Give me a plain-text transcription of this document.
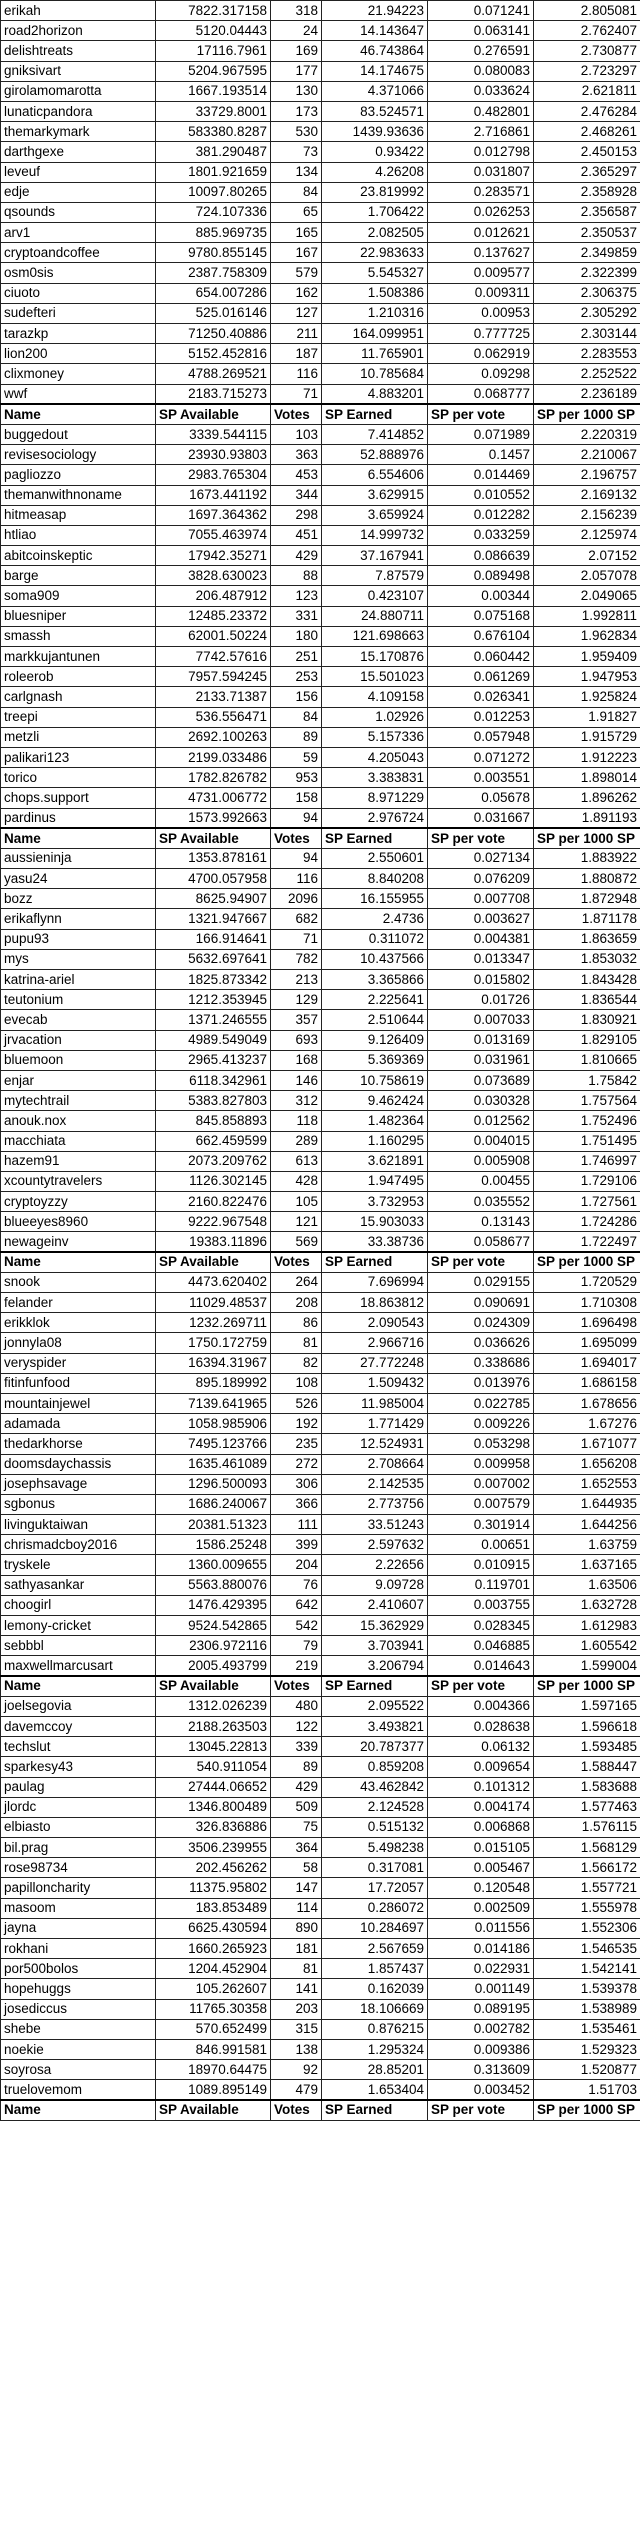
erikah	7822.317158	318	21.94223	0.071241	2.805081
road2horizon	5120.04443	24	14.143647	0.063141	2.762407
delishtreats	17116.7961	169	46.743864	0.276591	2.730877
gniksivart	5204.967595	177	14.174675	0.080083	2.723297
girolamomarotta	1667.193514	130	4.371066	0.033624	2.621811
lunaticpandora	33729.8001	173	83.524571	0.482801	2.476284
themarkymark	583380.8287	530	1439.93636	2.716861	2.468261
darthgexe	381.290487	73	0.93422	0.012798	2.450153
leveuf	1801.921659	134	4.26208	0.031807	2.365297
edje	10097.80265	84	23.819992	0.283571	2.358928
qsounds	724.107336	65	1.706422	0.026253	2.356587
arv1	885.969735	165	2.082505	0.012621	2.350537
cryptoandcoffee	9780.855145	167	22.983633	0.137627	2.349859
osm0sis	2387.758309	579	5.545327	0.009577	2.322399
ciuoto	654.007286	162	1.508386	0.009311	2.306375
sudefteri	525.016146	127	1.210316	0.00953	2.305292
tarazkp	71250.40886	211	164.099951	0.777725	2.303144
lion200	5152.452816	187	11.765901	0.062919	2.283553
clixmoney	4788.269521	116	10.785684	0.09298	2.252522
wwf	2183.715273	71	4.883201	0.068777	2.236189
Name	SP Available	Votes	SP Earned	SP per vote	SP per 1000 SP
buggedout	3339.544115	103	7.414852	0.071989	2.220319
revisesociology	23930.93803	363	52.888976	0.1457	2.210067
pagliozzo	2983.765304	453	6.554606	0.014469	2.196757
themanwithnoname	1673.441192	344	3.629915	0.010552	2.169132
hitmeasap	1697.364362	298	3.659924	0.012282	2.156239
htliao	7055.463974	451	14.999732	0.033259	2.125974
abitcoinskeptic	17942.35271	429	37.167941	0.086639	2.07152
barge	3828.630023	88	7.87579	0.089498	2.057078
soma909	206.487912	123	0.423107	0.00344	2.049065
bluesniper	12485.23372	331	24.880711	0.075168	1.992811
smassh	62001.50224	180	121.698663	0.676104	1.962834
markkujantunen	7742.57616	251	15.170876	0.060442	1.959409
roleerob	7957.594245	253	15.501023	0.061269	1.947953
carlgnash	2133.71387	156	4.109158	0.026341	1.925824
treepi	536.556471	84	1.02926	0.012253	1.91827
metzli	2692.100263	89	5.157336	0.057948	1.915729
palikari123	2199.033486	59	4.205043	0.071272	1.912223
torico	1782.826782	953	3.383831	0.003551	1.898014
chops.support	4731.006772	158	8.971229	0.05678	1.896262
pardinus	1573.992663	94	2.976724	0.031667	1.891193
Name	SP Available	Votes	SP Earned	SP per vote	SP per 1000 SP
aussieninja	1353.878161	94	2.550601	0.027134	1.883922
yasu24	4700.057958	116	8.840208	0.076209	1.880872
bozz	8625.94907	2096	16.155955	0.007708	1.872948
erikaflynn	1321.947667	682	2.4736	0.003627	1.871178
pupu93	166.914641	71	0.311072	0.004381	1.863659
mys	5632.697641	782	10.437566	0.013347	1.853032
katrina-ariel	1825.873342	213	3.365866	0.015802	1.843428
teutonium	1212.353945	129	2.225641	0.01726	1.836544
evecab	1371.246555	357	2.510644	0.007033	1.830921
jrvacation	4989.549049	693	9.126409	0.013169	1.829105
bluemoon	2965.413237	168	5.369369	0.031961	1.810665
enjar	6118.342961	146	10.758619	0.073689	1.75842
mytechtrail	5383.827803	312	9.462424	0.030328	1.757564
anouk.nox	845.858893	118	1.482364	0.012562	1.752496
macchiata	662.459599	289	1.160295	0.004015	1.751495
hazem91	2073.209762	613	3.621891	0.005908	1.746997
xcountytravelers	1126.302145	428	1.947495	0.00455	1.729106
cryptoyzzy	2160.822476	105	3.732953	0.035552	1.727561
blueeyes8960	9222.967548	121	15.903033	0.13143	1.724286
newageinv	19383.11896	569	33.38736	0.058677	1.722497
Name	SP Available	Votes	SP Earned	SP per vote	SP per 1000 SP
snook	4473.620402	264	7.696994	0.029155	1.720529
felander	11029.48537	208	18.863812	0.090691	1.710308
erikklok	1232.269711	86	2.090543	0.024309	1.696498
jonnyla08	1750.172759	81	2.966716	0.036626	1.695099
veryspider	16394.31967	82	27.772248	0.338686	1.694017
fitinfunfood	895.189992	108	1.509432	0.013976	1.686158
mountainjewel	7139.641965	526	11.985004	0.022785	1.678656
adamada	1058.985906	192	1.771429	0.009226	1.67276
thedarkhorse	7495.123766	235	12.524931	0.053298	1.671077
doomsdaychassis	1635.461089	272	2.708664	0.009958	1.656208
josephsavage	1296.500093	306	2.142535	0.007002	1.652553
sgbonus	1686.240067	366	2.773756	0.007579	1.644935
livinguktaiwan	20381.51323	111	33.51243	0.301914	1.644256
chrismadcboy2016	1586.25248	399	2.597632	0.00651	1.63759
tryskele	1360.009655	204	2.22656	0.010915	1.637165
sathyasankar	5563.880076	76	9.09728	0.119701	1.63506
choogirl	1476.429395	642	2.410607	0.003755	1.632728
lemony-cricket	9524.542865	542	15.362929	0.028345	1.612983
sebbbl	2306.972116	79	3.703941	0.046885	1.605542
maxwellmarcusart	2005.493799	219	3.206794	0.014643	1.599004
Name	SP Available	Votes	SP Earned	SP per vote	SP per 1000 SP
joelsegovia	1312.026239	480	2.095522	0.004366	1.597165
davemccoy	2188.263503	122	3.493821	0.028638	1.596618
techslut	13045.22813	339	20.787377	0.06132	1.593485
sparkesy43	540.911054	89	0.859208	0.009654	1.588447
paulag	27444.06652	429	43.462842	0.101312	1.583688
jlordc	1346.800489	509	2.124528	0.004174	1.577463
elbiasto	326.836886	75	0.515132	0.006868	1.576115
bil.prag	3506.239955	364	5.498238	0.015105	1.568129
rose98734	202.456262	58	0.317081	0.005467	1.566172
papilloncharity	11375.95802	147	17.72057	0.120548	1.557721
masoom	183.853489	114	0.286072	0.002509	1.555978
jayna	6625.430594	890	10.284697	0.011556	1.552306
rokhani	1660.265923	181	2.567659	0.014186	1.546535
por500bolos	1204.452904	81	1.857437	0.022931	1.542141
hopehuggs	105.262607	141	0.162039	0.001149	1.539378
josediccus	11765.30358	203	18.106669	0.089195	1.538989
shebe	570.652499	315	0.876215	0.002782	1.535461
noekie	846.991581	138	1.295324	0.009386	1.529323
soyrosa	18970.64475	92	28.85201	0.313609	1.520877
truelovemom	1089.895149	479	1.653404	0.003452	1.51703
Name	SP Available	Votes	SP Earned	SP per vote	SP per 1000 SP
